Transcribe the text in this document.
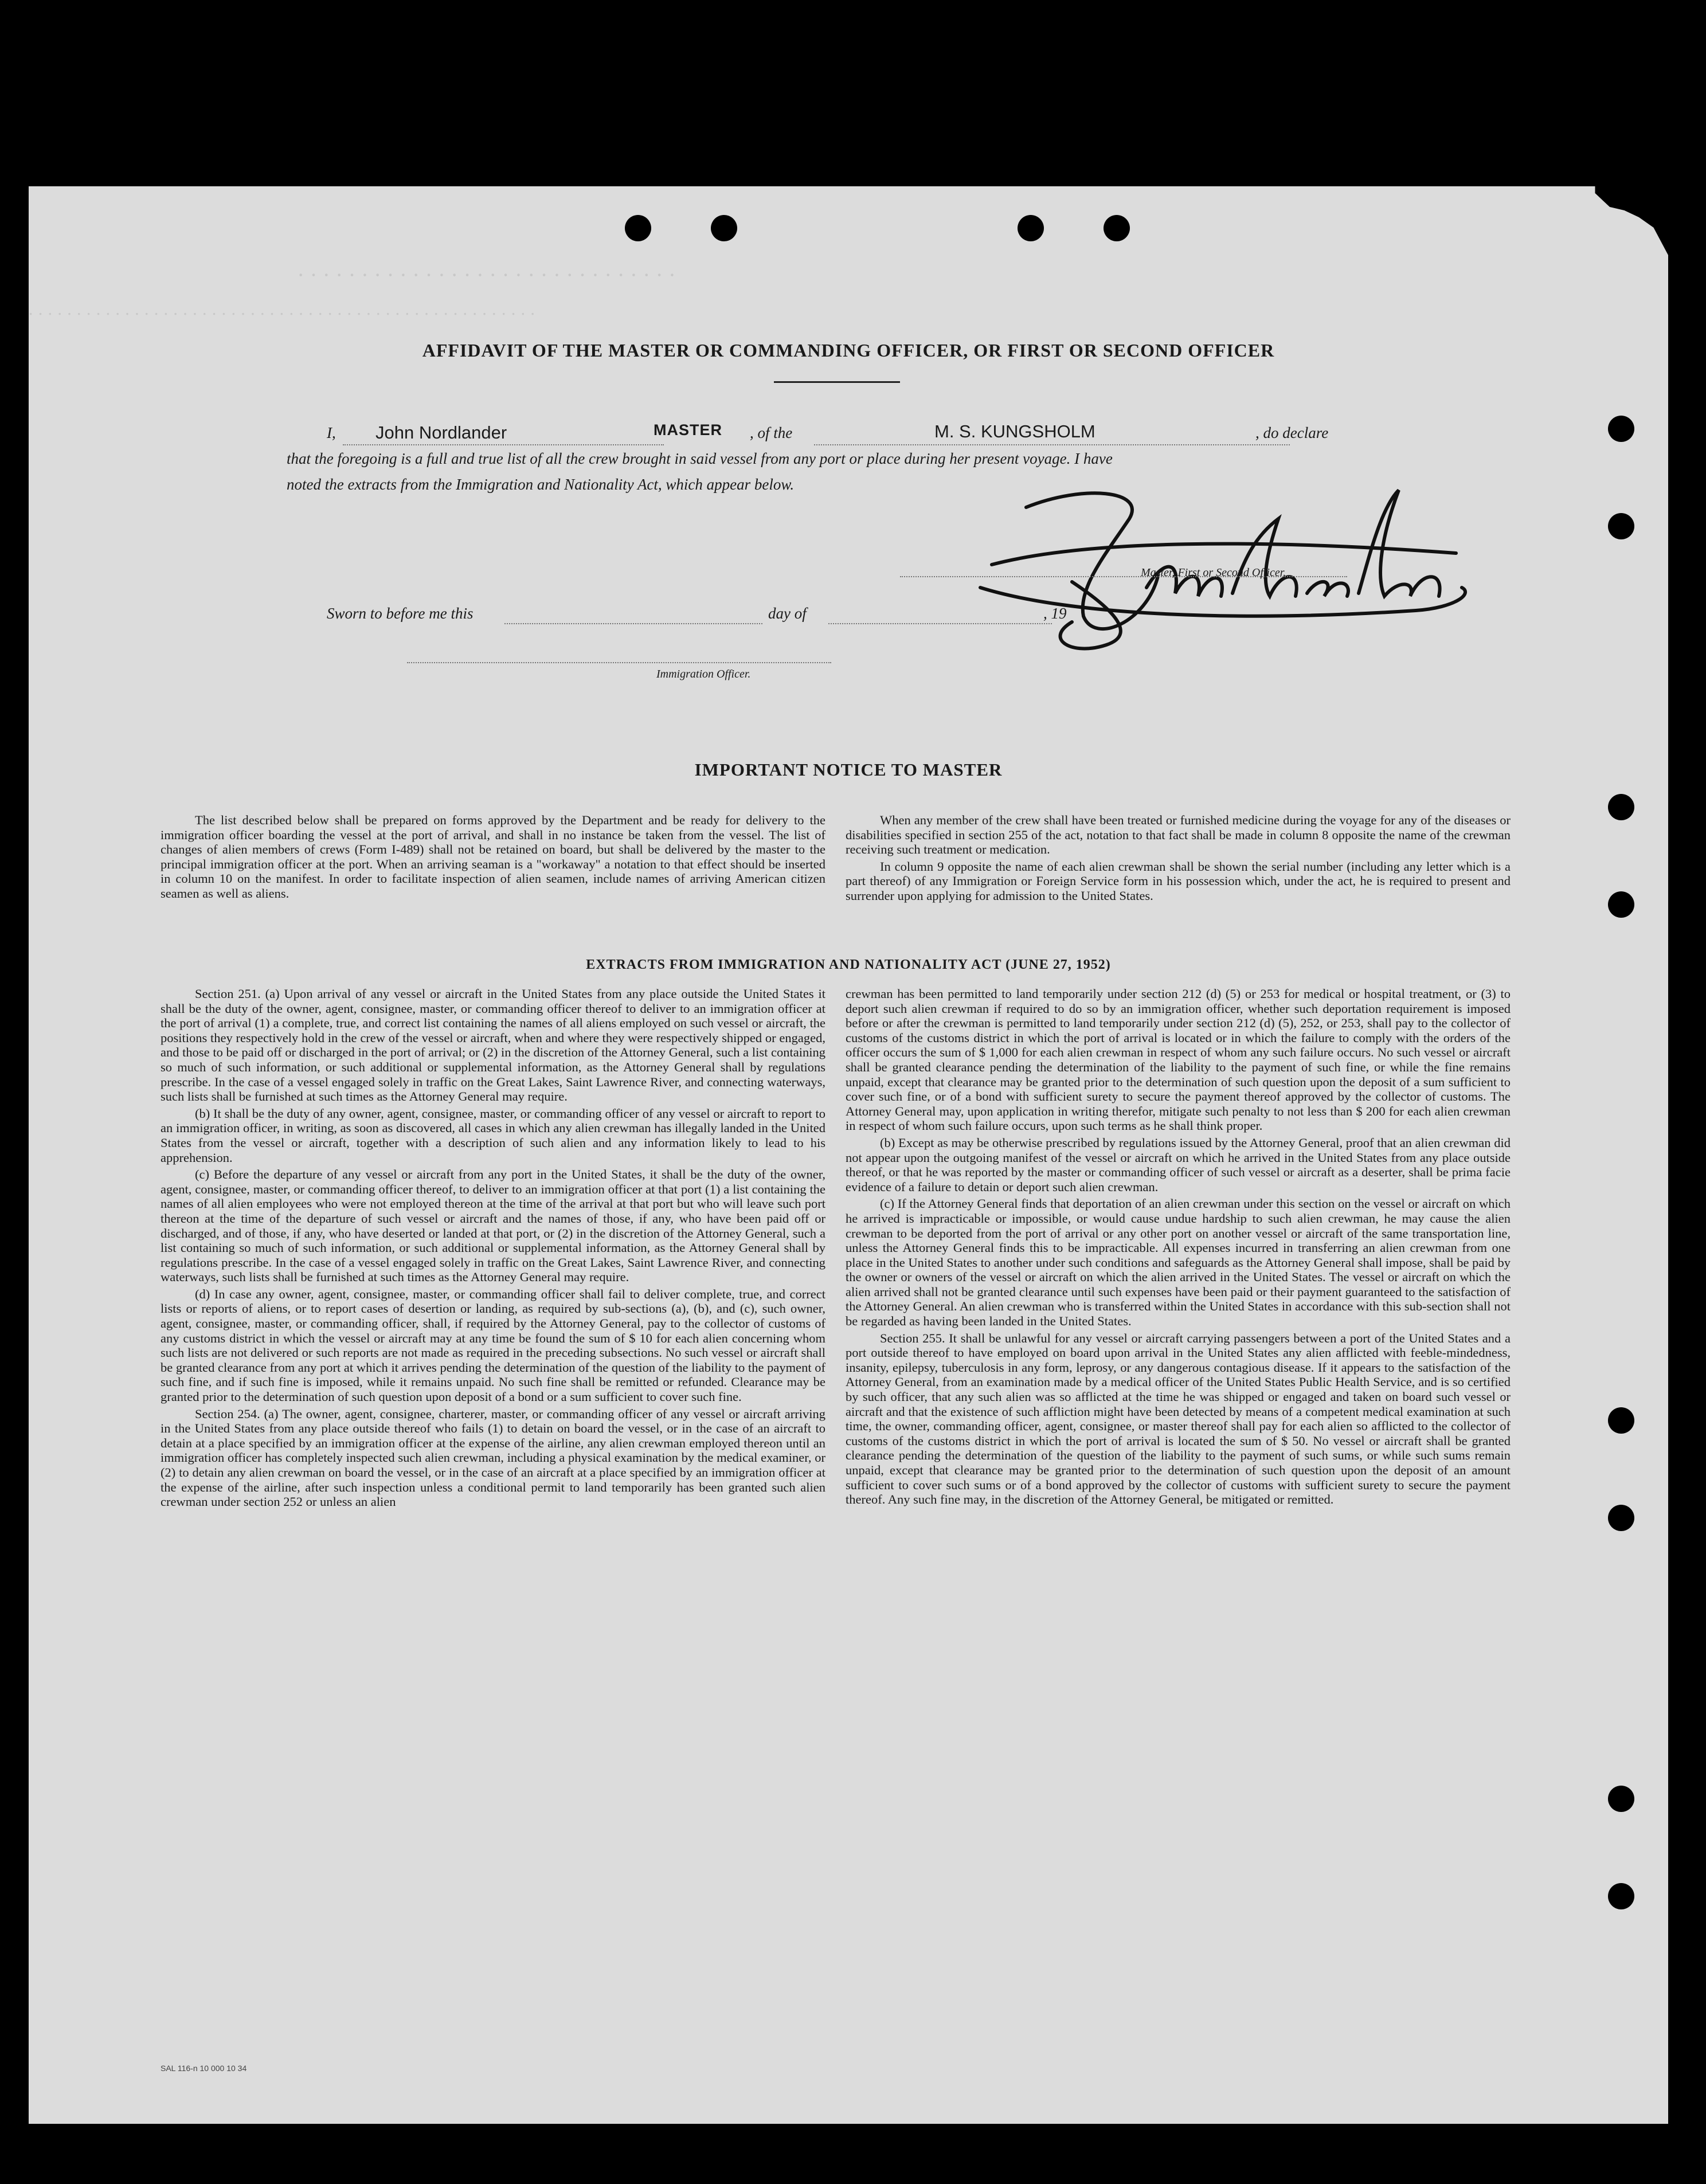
· · · · · · · · · · · · · · · · · · · · · · · · · · · · · ·
· · · · · · · · · · · · · · · · · · · · · · · · · · · · · · · · · · · · · · · · · · · · · · · · · · · · ·
AFFIDAVIT OF THE MASTER OR COMMANDING OFFICER, OR FIRST OR SECOND OFFICER
I, John Nordlander	MASTER , of the	M. S. KUNGSHOLM	, do declare
that the foregoing is a full and true list of all the crew brought in said vessel from any port or place during her present voyage. I have
noted the extracts from the Immigration and Nationality Act, which appear below.
Master, First or Second Officer.
Sworn to before me this	day of	, 19
Immigration Officer.
IMPORTANT NOTICE TO MASTER

The list described below shall be prepared on forms approved by the Department and be ready for delivery to the immigration officer boarding the vessel at the port of arrival, and shall in no instance be taken from the vessel. The list of changes of alien members of crews (Form I-489) shall not be retained on board, but shall be delivered by the master to the principal immigration officer at the port. When an arriving seaman is a "workaway" a notation to that effect should be inserted in column 10 on the manifest. In order to facilitate inspection of alien seamen, include names of arriving American citizen seamen as well as aliens.

When any member of the crew shall have been treated or furnished medicine during the voyage for any of the diseases or disabilities specified in section 255 of the act, notation to that fact shall be made in column 8 opposite the name of the crewman receiving such treatment or medication.

In column 9 opposite the name of each alien crewman shall be shown the serial number (including any letter which is a part thereof) of any Immigration or Foreign Service form in his possession which, under the act, he is required to present and surrender upon applying for admission to the United States.

EXTRACTS FROM IMMIGRATION AND NATIONALITY ACT (JUNE 27, 1952)

Section 251. (a) Upon arrival of any vessel or aircraft in the United States from any place outside the United States it shall be the duty of the owner, agent, consignee, master, or commanding officer thereof to deliver to an immigration officer at the port of arrival (1) a complete, true, and correct list containing the names of all aliens employed on such vessel or aircraft, the positions they respectively hold in the crew of the vessel or aircraft, when and where they were respectively shipped or engaged, and those to be paid off or discharged in the port of arrival; or (2) in the discretion of the Attorney General, such a list containing so much of such information, or such additional or supplemental information, as the Attorney General shall by regulations prescribe. In the case of a vessel engaged solely in traffic on the Great Lakes, Saint Lawrence River, and connecting waterways, such lists shall be furnished at such times as the Attorney General may require.

(b) It shall be the duty of any owner, agent, consignee, master, or commanding officer of any vessel or aircraft to report to an immigration officer, in writing, as soon as discovered, all cases in which any alien crewman has illegally landed in the United States from the vessel or aircraft, together with a description of such alien and any information likely to lead to his apprehension.

(c) Before the departure of any vessel or aircraft from any port in the United States, it shall be the duty of the owner, agent, consignee, master, or commanding officer thereof, to deliver to an immigration officer at that port (1) a list containing the names of all alien employees who were not employed thereon at the time of the arrival at that port but who will leave such port thereon at the time of the departure of such vessel or aircraft and the names of those, if any, who have been paid off or discharged, and of those, if any, who have deserted or landed at that port, or (2) in the discretion of the Attorney General, such a list containing so much of such information, or such additional or supplemental information, as the Attorney General shall by regulations prescribe. In the case of a vessel engaged solely in traffic on the Great Lakes, Saint Lawrence River, and connecting waterways, such lists shall be furnished at such times as the Attorney General may require.

(d) In case any owner, agent, consignee, master, or commanding officer shall fail to deliver complete, true, and correct lists or reports of aliens, or to report cases of desertion or landing, as required by sub-sections (a), (b), and (c), such owner, agent, consignee, master, or commanding officer, shall, if required by the Attorney General, pay to the collector of customs of any customs district in which the vessel or aircraft may at any time be found the sum of $ 10 for each alien concerning whom such lists are not delivered or such reports are not made as required in the preceding subsections. No such vessel or aircraft shall be granted clearance from any port at which it arrives pending the determination of the question of the liability to the payment of such fine, and if such fine is imposed, while it remains unpaid. No such fine shall be remitted or refunded. Clearance may be granted prior to the determination of such question upon deposit of a bond or a sum sufficient to cover such fine.

Section 254. (a) The owner, agent, consignee, charterer, master, or commanding officer of any vessel or aircraft arriving in the United States from any place outside thereof who fails (1) to detain on board the vessel, or in the case of an aircraft to detain at a place specified by an immigration officer at the expense of the airline, any alien crewman employed thereon until an immigration officer has completely inspected such alien crewman, including a physical examination by the medical examiner, or (2) to detain any alien crewman on board the vessel, or in the case of an aircraft at a place specified by an immigration officer at the expense of the airline, after such inspection unless a conditional permit to land temporarily has been granted such alien crewman under section 252 or unless an alien

crewman has been permitted to land temporarily under section 212 (d) (5) or 253 for medical or hospital treatment, or (3) to deport such alien crewman if required to do so by an immigration officer, whether such deportation requirement is imposed before or after the crewman is permitted to land temporarily under section 212 (d) (5), 252, or 253, shall pay to the collector of customs of the customs district in which the port of arrival is located or in which the failure to comply with the orders of the officer occurs the sum of $ 1,000 for each alien crewman in respect of whom any such failure occurs. No such vessel or aircraft shall be granted clearance pending the determination of the liability to the payment of such fine, or while the fine remains unpaid, except that clearance may be granted prior to the determination of such question upon the deposit of a sum sufficient to cover such fine, or of a bond with sufficient surety to secure the payment thereof approved by the collector of customs. The Attorney General may, upon application in writing therefor, mitigate such penalty to not less than $ 200 for each alien crewman in respect of whom such failure occurs, upon such terms as he shall think proper.

(b) Except as may be otherwise prescribed by regulations issued by the Attorney General, proof that an alien crewman did not appear upon the outgoing manifest of the vessel or aircraft on which he arrived in the United States from any place outside thereof, or that he was reported by the master or commanding officer of such vessel or aircraft as a deserter, shall be prima facie evidence of a failure to detain or deport such alien crewman.

(c) If the Attorney General finds that deportation of an alien crewman under this section on the vessel or aircraft on which he arrived is impracticable or impossible, or would cause undue hardship to such alien crewman, he may cause the alien crewman to be deported from the port of arrival or any other port on another vessel or aircraft of the same transportation line, unless the Attorney General finds this to be impracticable. All expenses incurred in transferring an alien crewman from one place in the United States to another under such conditions and safeguards as the Attorney General shall impose, shall be paid by the owner or owners of the vessel or aircraft on which the alien arrived in the United States. The vessel or aircraft on which the alien arrived shall not be granted clearance until such expenses have been paid or their payment guaranteed to the satisfaction of the Attorney General. An alien crewman who is transferred within the United States in accordance with this sub-section shall not be regarded as having been landed in the United States.

Section 255. It shall be unlawful for any vessel or aircraft carrying passengers between a port of the United States and a port outside thereof to have employed on board upon arrival in the United States any alien afflicted with feeble-mindedness, insanity, epilepsy, tuberculosis in any form, leprosy, or any dangerous contagious disease. If it appears to the satisfaction of the Attorney General, from an examination made by a medical officer of the United States Public Health Service, and is so certified by such officer, that any such alien was so afflicted at the time he was shipped or engaged and taken on board such vessel or aircraft and that the existence of such affliction might have been detected by means of a competent medical examination at such time, the owner, commanding officer, agent, consignee, or master thereof shall pay for each alien so afflicted to the collector of customs of the customs district in which the port of arrival is located the sum of $ 50. No vessel or aircraft shall be granted clearance pending the determination of the question of the liability to the payment of such sums, or while such sums remain unpaid, except that clearance may be granted prior to the determination of such question upon the deposit of an amount sufficient to cover such sums or of a bond approved by the collector of customs with sufficient surety to secure the payment thereof. Any such fine may, in the discretion of the Attorney General, be mitigated or remitted.

SAL 116-n 10 000 10 34
